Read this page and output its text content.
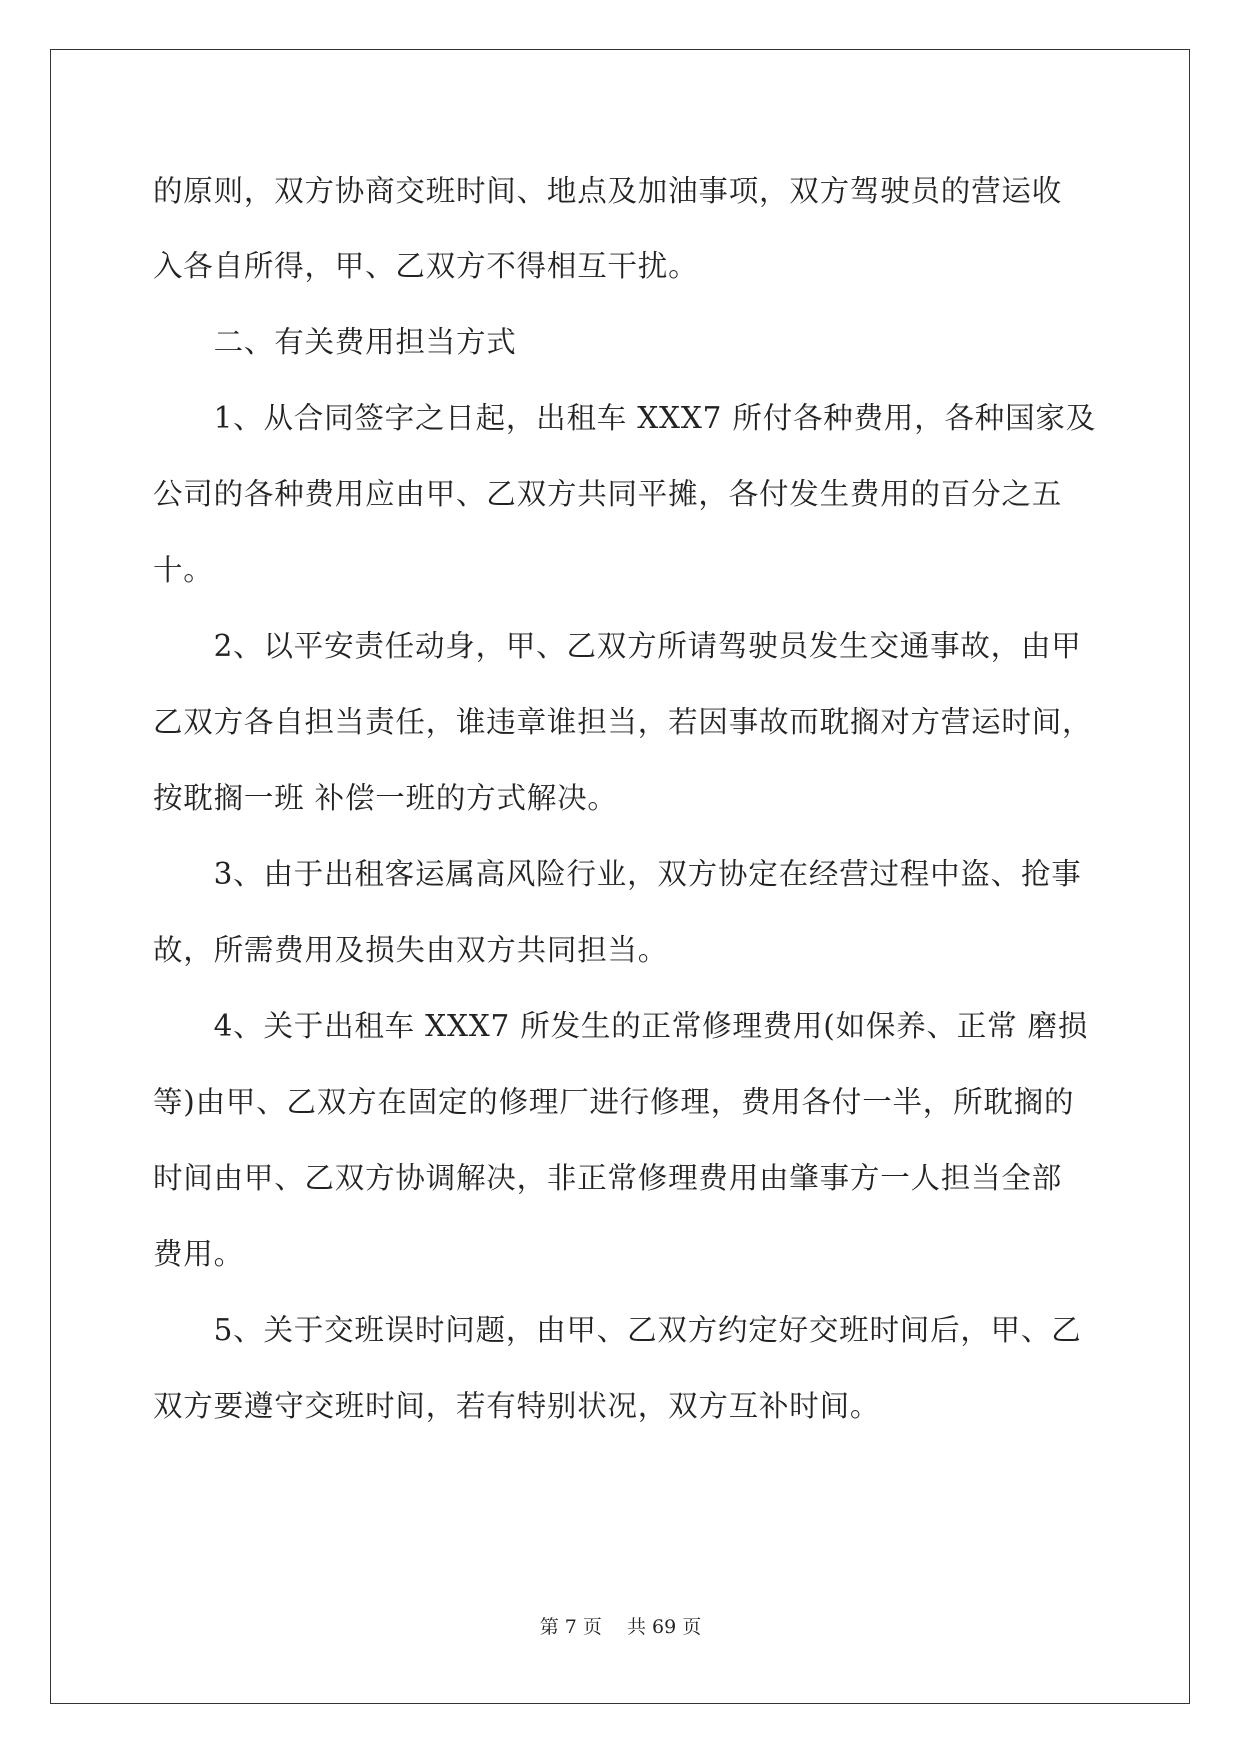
的原则，双方协商交班时间、地点及加油事项，双方驾驶员的营运收
入各自所得，甲、乙双方不得相互干扰。
　　二、有关费用担当方式
　　1、从合同签字之日起，出租车 XXX7 所付各种费用，各种国家及
公司的各种费用应由甲、乙双方共同平摊，各付发生费用的百分之五
十。
　　2、以平安责任动身，甲、乙双方所请驾驶员发生交通事故，由甲
乙双方各自担当责任，谁违章谁担当，若因事故而耽搁对方营运时间，
按耽搁一班 补偿一班的方式解决。
　　3、由于出租客运属高风险行业，双方协定在经营过程中盗、抢事
故，所需费用及损失由双方共同担当。
　　4、关于出租车 XXX7 所发生的正常修理费用(如保养、正常 磨损
等)由甲、乙双方在固定的修理厂进行修理，费用各付一半，所耽搁的
时间由甲、乙双方协调解决，非正常修理费用由肇事方一人担当全部
费用。
　　5、关于交班误时问题，由甲、乙双方约定好交班时间后，甲、乙
双方要遵守交班时间，若有特别状况，双方互补时间。
第 7 页　 共 69 页
